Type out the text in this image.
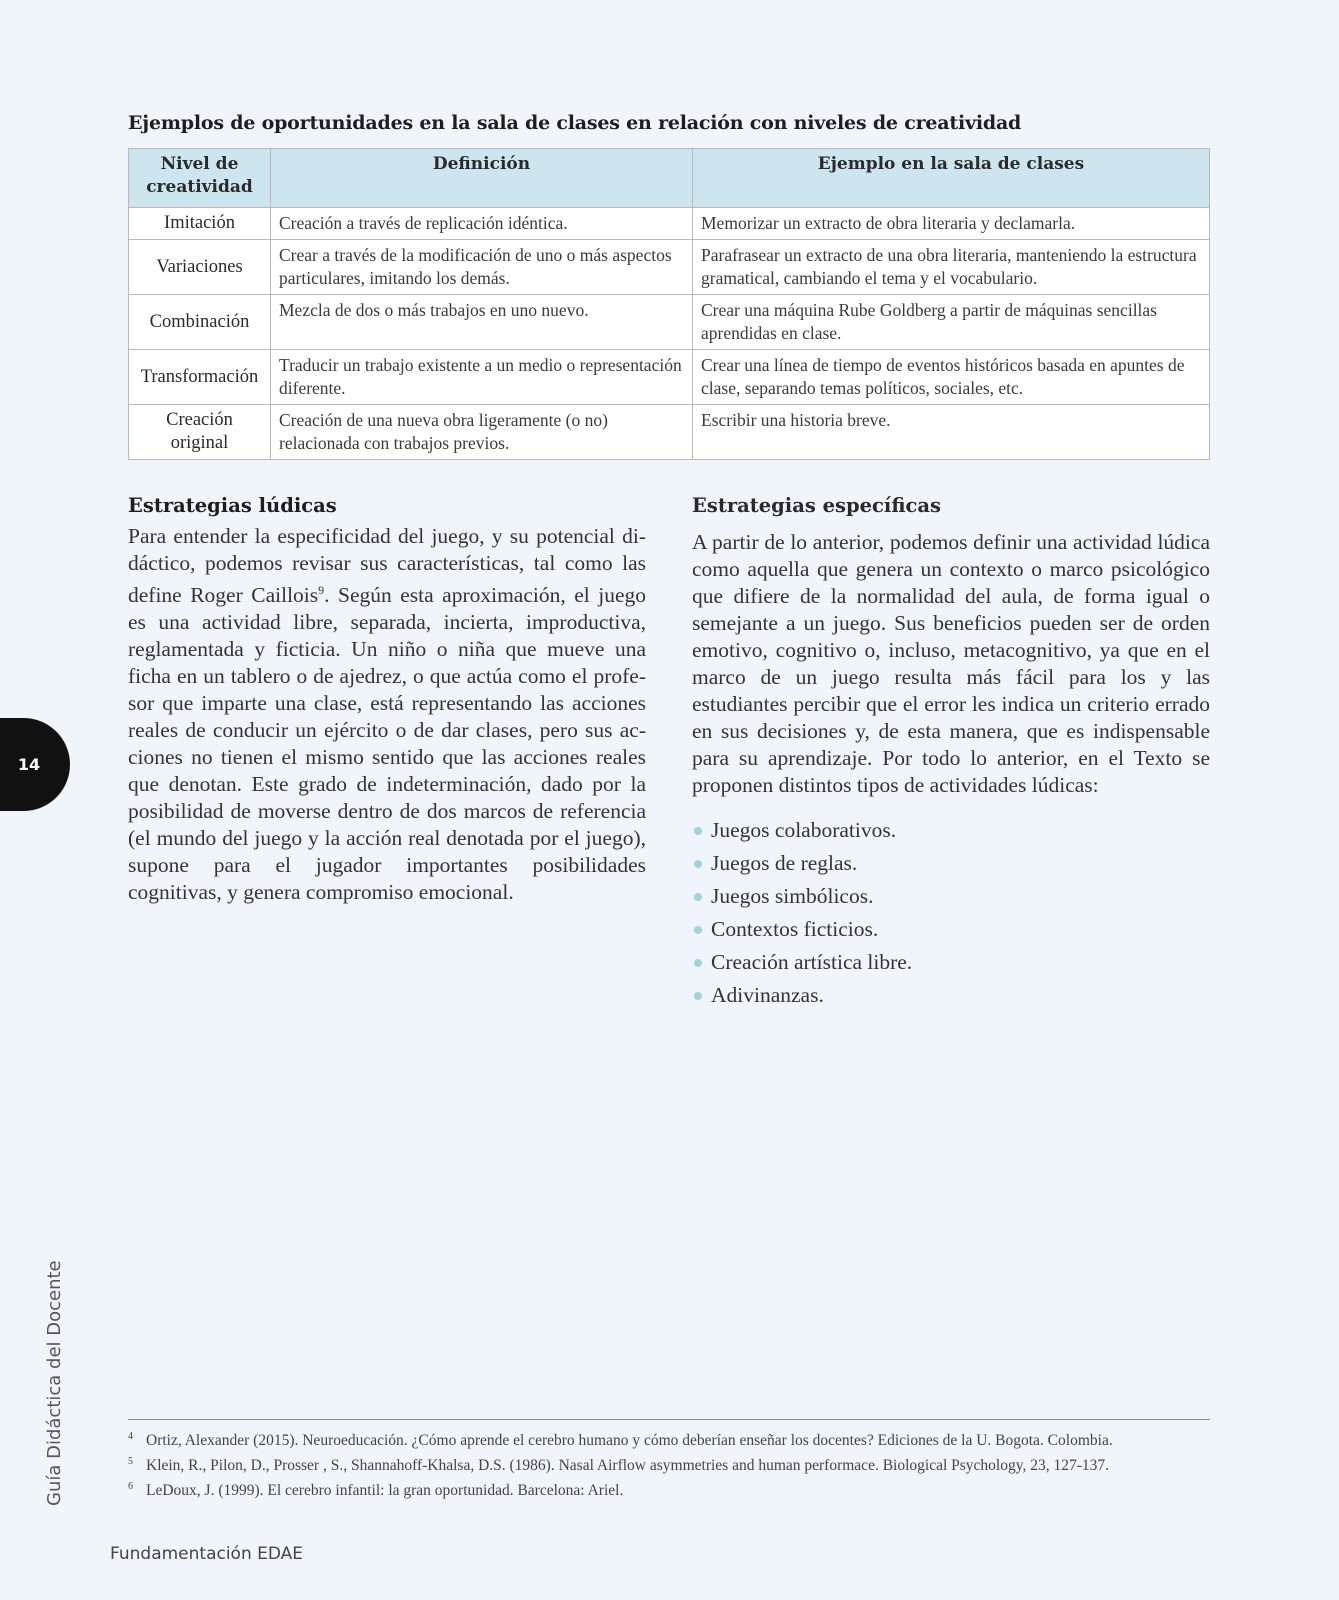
Ejemplos de oportunidades en la sala de clases en relación con niveles de creatividad
Nivel de creatividad	Definición	Ejemplo en la sala de clases
Imitación	Creación a través de replicación idéntica.	Memorizar un extracto de obra literaria y declamarla.
Variaciones	Crear a través de la modificación de uno o más aspectos particulares, imitando los demás.	Parafrasear un extracto de una obra literaria, manteniendo la estructura gramatical, cambiando el tema y el vocabulario.
Combinación	Mezcla de dos o más trabajos en uno nuevo.	Crear una máquina Rube Goldberg a partir de máquinas sencillas aprendidas en clase.
Transformación	Traducir un trabajo existente a un medio o representación diferente.	Crear una línea de tiempo de eventos históricos basada en apuntes de clase, separando temas políticos, sociales, etc.
Creación original	Creación de una nueva obra ligeramente (o no) relacionada con trabajos previos.	Escribir una historia breve.
Estrategias lúdicas

Para entender la especificidad del juego, y su potencial didáctico, podemos revisar sus características, tal como las define Roger Caillois$^9$. Según esta aproximación, el juego es una actividad libre, separada, incierta, improductiva, reglamentada y ficticia. Un niño o niña que mueve una ficha en un tablero o de ajedrez, o que actúa como el profesor que imparte una clase, está representando las acciones reales de conducir un ejército o de dar clases, pero sus acciones no tienen el mismo sentido que las acciones reales que denotan. Este grado de indeterminación, dado por la posibilidad de moverse dentro de dos marcos de referencia (el mundo del juego y la acción real denotada por el juego), supone para el jugador importantes posibilidades cognitivas, y genera compromiso emocional.

Estrategias específicas

A partir de lo anterior, podemos definir una actividad lúdica como aquella que genera un contexto o marco psicológico que difiere de la normalidad del aula, de forma igual o semejante a un juego. Sus beneficios pueden ser de orden emotivo, cognitivo o, incluso, metacognitivo, ya que en el marco de un juego resulta más fácil para los y las estudiantes percibir que el error les indica un criterio errado en sus decisiones y, de esta manera, que es indispensable para su aprendizaje. Por todo lo anterior, en el Texto se proponen distintos tipos de actividades lúdicas:

Juegos colaborativos.
Juegos de reglas.
Juegos simbólicos.
Contextos ficticios.
Creación artística libre.
Adivinanzas.
14
Guía Didáctica del Docente	4 Ortiz, Alexander (2015). Neuroeducación. ¿Cómo aprende el cerebro humano y cómo deberían enseñar los docentes? Ediciones de la U. Bogota. Colombia.
5 Klein, R., Pilon, D., Prosser , S., Shannahoff-Khalsa, D.S. (1986). Nasal Airflow asymmetries and human performace. Biological Psychology, 23, 127-137.
6 LeDoux, J. (1999). El cerebro infantil: la gran oportunidad. Barcelona: Ariel.
Fundamentación EDAE
